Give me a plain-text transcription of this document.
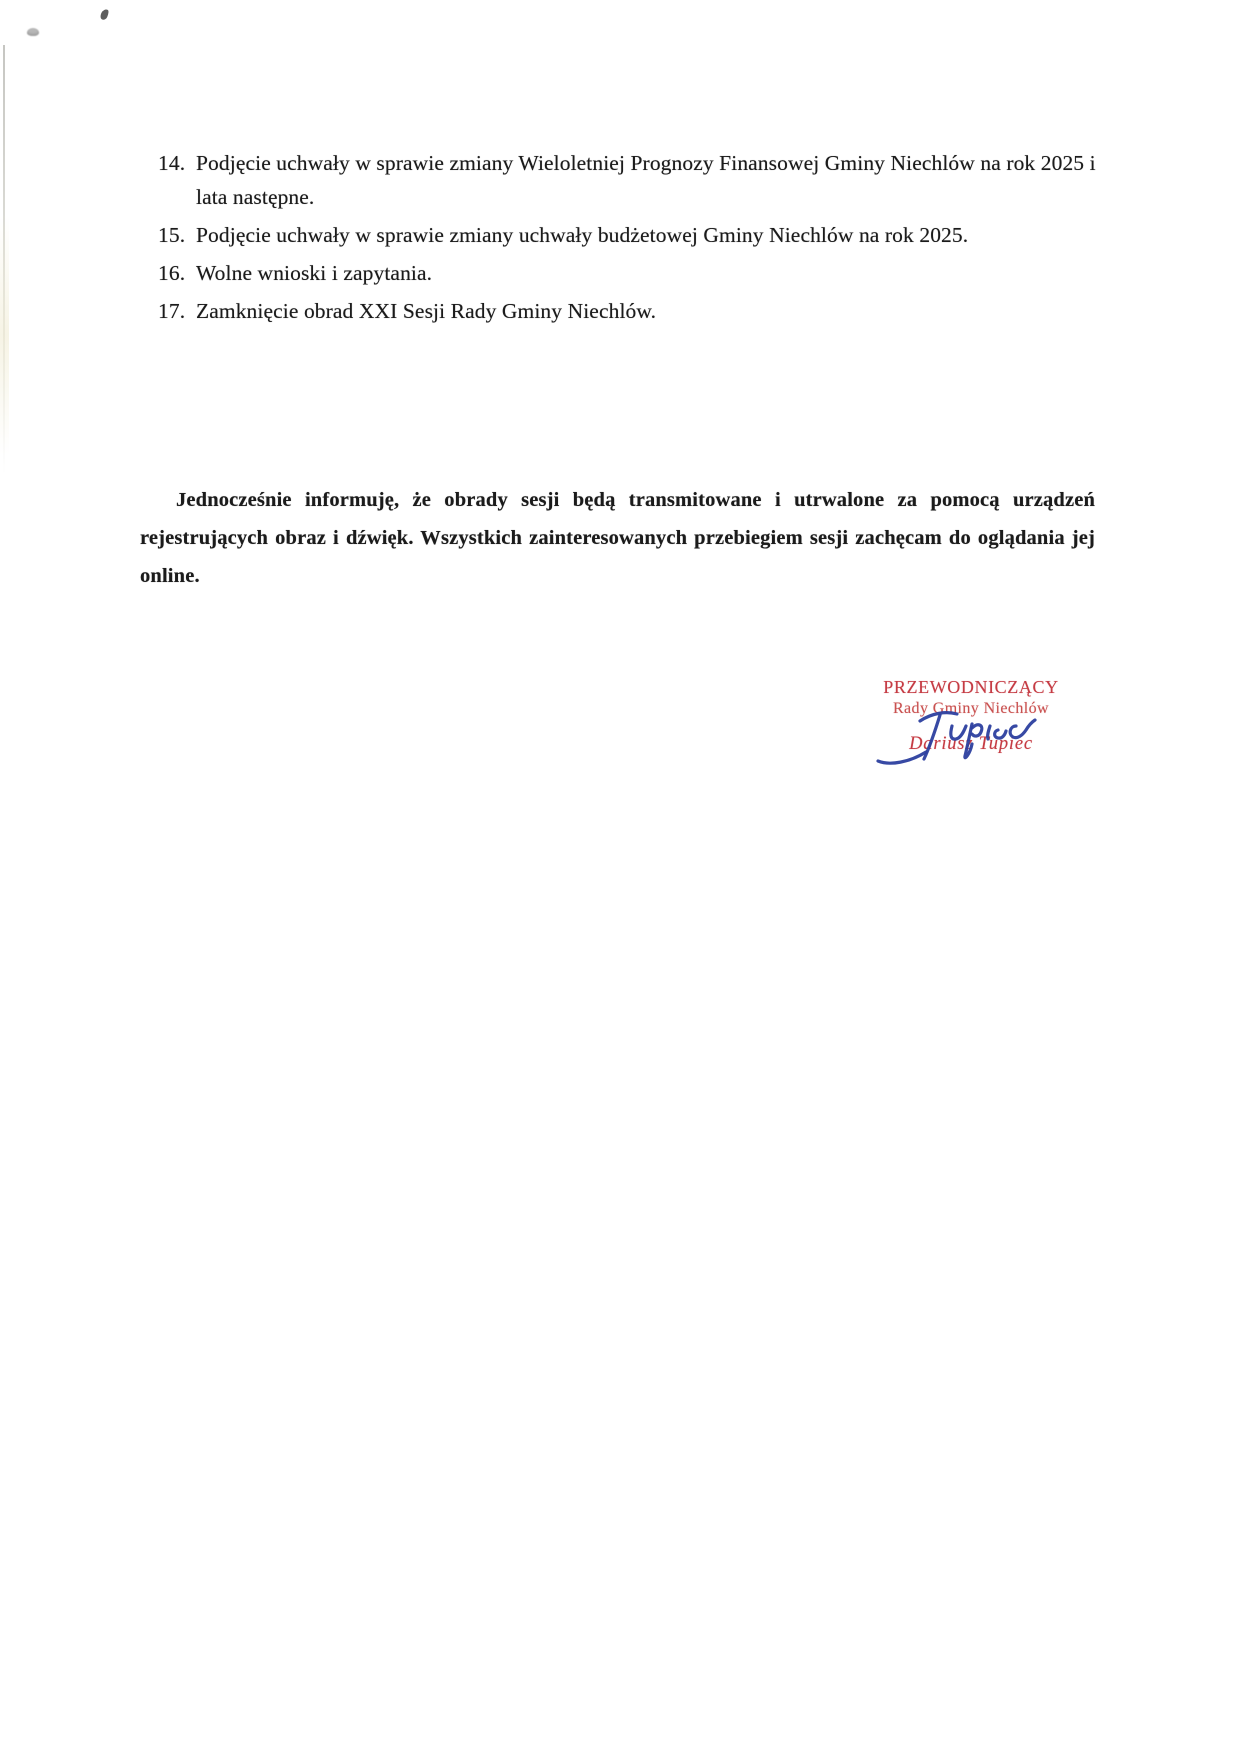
14. Podjęcie uchwały w sprawie zmiany Wieloletniej Prognozy Finansowej Gminy Niechlów na rok 2025 i lata następne.
15. Podjęcie uchwały w sprawie zmiany uchwały budżetowej Gminy Niechlów na rok 2025.
16. Wolne wnioski i zapytania.
17. Zamknięcie obrad XXI Sesji Rady Gminy Niechlów.

Jednocześnie informuję, że obrady sesji będą transmitowane i utrwalone za pomocą urządzeń rejestrujących obraz i dźwięk. Wszystkich zainteresowanych przebiegiem sesji zachęcam do oglądania jej online.

PRZEWODNICZĄCY
Rady Gminy Niechlów
Dariusz Tupiec
